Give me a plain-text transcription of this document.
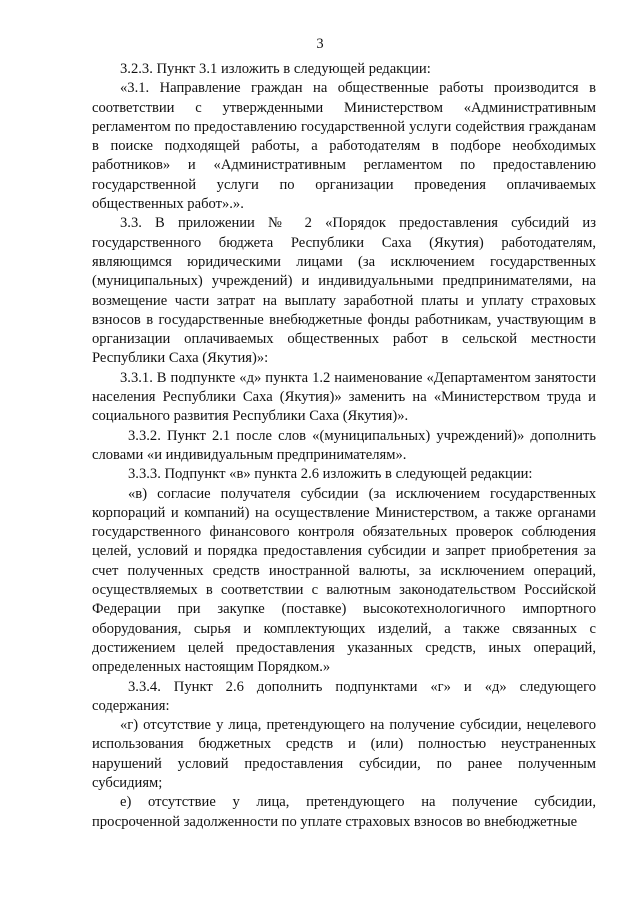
3

3.2.3. Пункт 3.1 изложить в следующей редакции:

«3.1. Направление граждан на общественные работы производится в соответствии с утвержденными Министерством «Административным регламентом по предоставлению государственной услуги содействия гражданам в поиске подходящей работы, а работодателям в подборе необходимых работников» и «Административным регламентом по предоставлению государственной услуги по организации проведения оплачиваемых общественных работ».».

3.3. В приложении № 2 «Порядок предоставления субсидий из государственного бюджета Республики Саха (Якутия) работодателям, являющимся юридическими лицами (за исключением государственных (муниципальных) учреждений) и индивидуальными предпринимателями, на возмещение части затрат на выплату заработной платы и уплату страховых взносов в государственные внебюджетные фонды работникам, участвующим в организации оплачиваемых общественных работ в сельской местности Республики Саха (Якутия)»:

3.3.1. В подпункте «д» пункта 1.2 наименование «Департаментом занятости населения Республики Саха (Якутия)» заменить на «Министерством труда и социального развития Республики Саха (Якутия)».

3.3.2. Пункт 2.1 после слов «(муниципальных) учреждений)» дополнить словами «и индивидуальным предпринимателям».

3.3.3. Подпункт «в» пункта 2.6 изложить в следующей редакции:

«в) согласие получателя субсидии (за исключением государственных корпораций и компаний) на осуществление Министерством, а также органами государственного финансового контроля обязательных проверок соблюдения целей, условий и порядка предоставления субсидии и запрет приобретения за счет полученных средств иностранной валюты, за исключением операций, осуществляемых в соответствии с валютным законодательством Российской Федерации при закупке (поставке) высокотехнологичного импортного оборудования, сырья и комплектующих изделий, а также связанных с достижением целей предоставления указанных средств, иных операций, определенных настоящим Порядком.»

3.3.4. Пункт 2.6 дополнить подпунктами «г» и «д» следующего содержания:

«г) отсутствие у лица, претендующего на получение субсидии, нецелевого использования бюджетных средств и (или) полностью неустраненных нарушений условий предоставления субсидии, по ранее полученным субсидиям;

е) отсутствие у лица, претендующего на получение субсидии, просроченной задолженности по уплате страховых взносов во внебюджетные
